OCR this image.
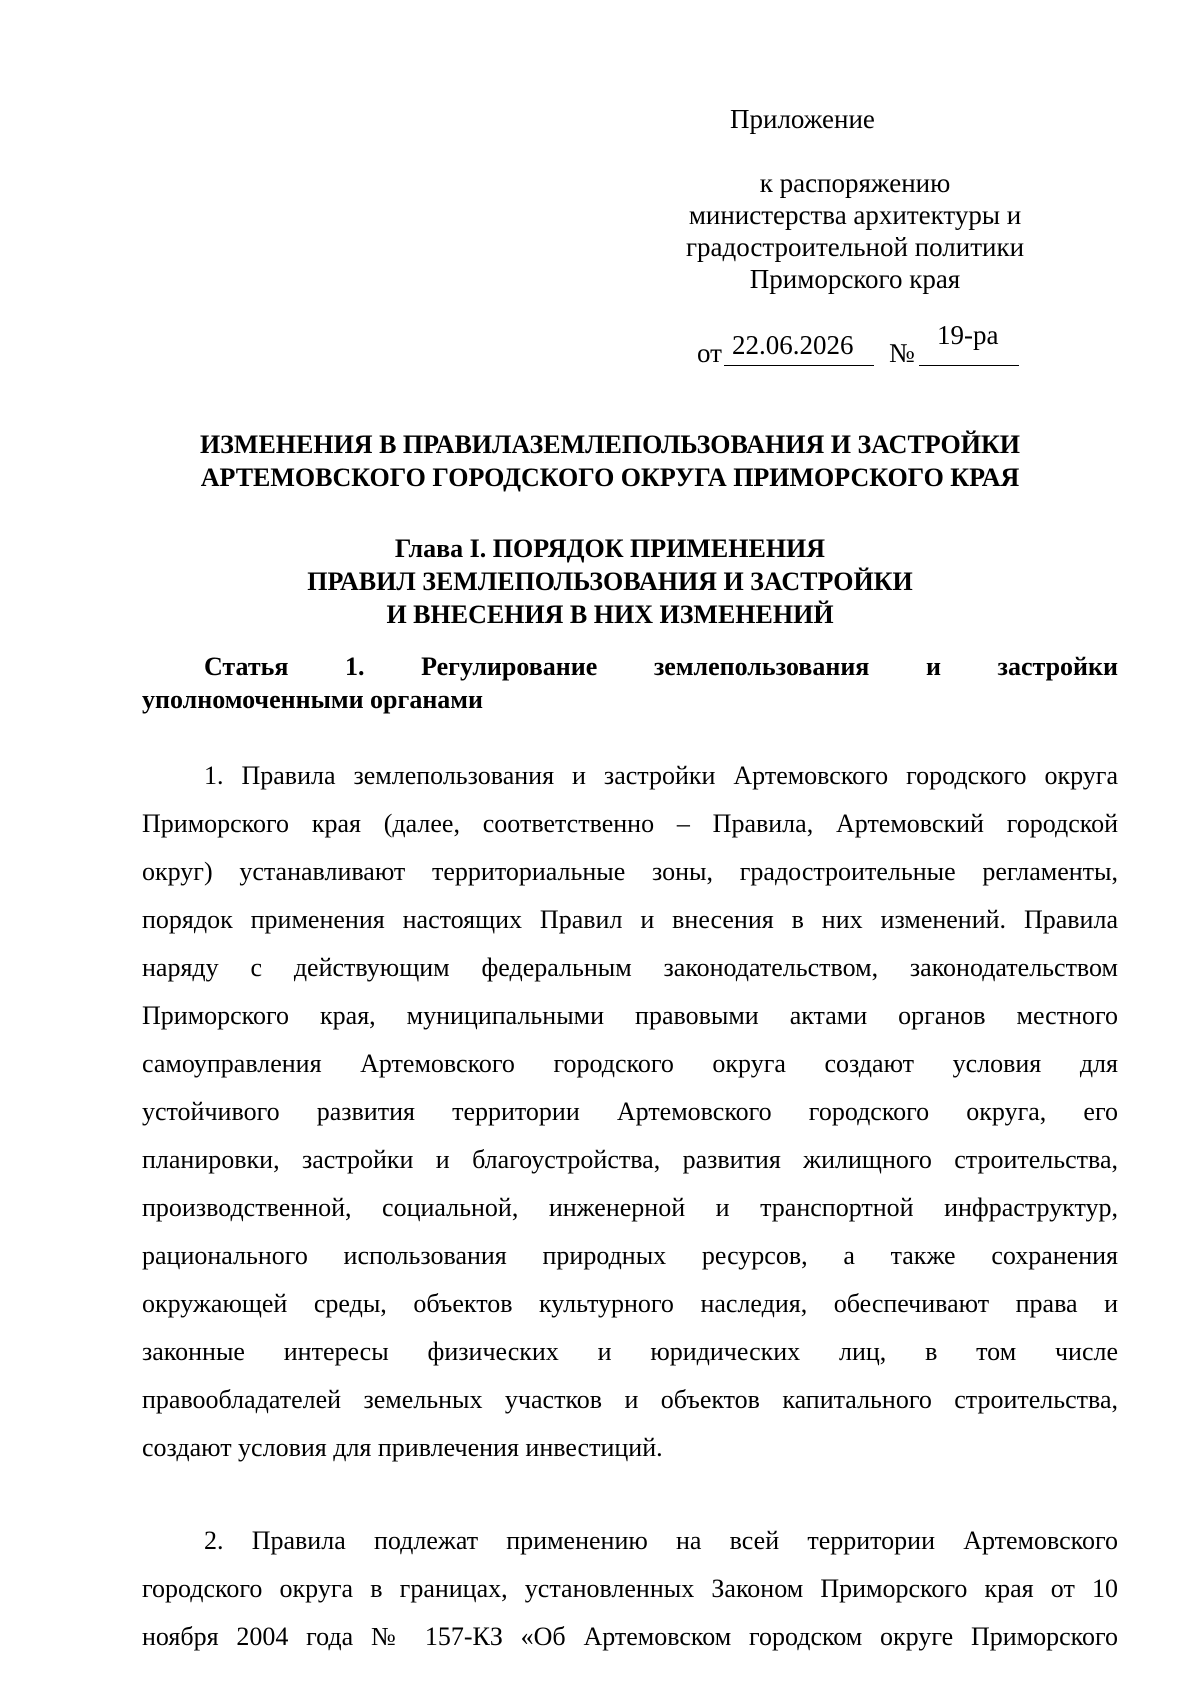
Приложение
к распоряжению
министерства архитектуры и
градостроительной политики
Приморского края
от 22.06.2026 №
19-ра
ИЗМЕНЕНИЯ В ПРАВИЛАЗЕМЛЕПОЛЬЗОВАНИЯ И ЗАСТРОЙКИ
АРТЕМОВСКОГО ГОРОДСКОГО ОКРУГА ПРИМОРСКОГО КРАЯ
Глава I. ПОРЯДОК ПРИМЕНЕНИЯ
ПРАВИЛ ЗЕМЛЕПОЛЬЗОВАНИЯ И ЗАСТРОЙКИ
И ВНЕСЕНИЯ В НИХ ИЗМЕНЕНИЙ
Статья 1. Регулирование землепользования и застройки
уполномоченными органами
1. Правила землепользования и застройки Артемовского городского округа
Приморского края (далее, соответственно – Правила, Артемовский городской
округ) устанавливают территориальные зоны, градостроительные регламенты,
порядок применения настоящих Правил и внесения в них изменений. Правила
наряду с действующим федеральным законодательством, законодательством
Приморского края, муниципальными правовыми актами органов местного
самоуправления Артемовского городского округа создают условия для
устойчивого развития территории Артемовского городского округа, его
планировки, застройки и благоустройства, развития жилищного строительства,
производственной, социальной, инженерной и транспортной инфраструктур,
рационального использования природных ресурсов, а также сохранения
окружающей среды, объектов культурного наследия, обеспечивают права и
законные интересы физических и юридических лиц, в том числе
правообладателей земельных участков и объектов капитального строительства,
создают условия для привлечения инвестиций.
2. Правила подлежат применению на всей территории Артемовского
городского округа в границах, установленных Законом Приморского края от 10
ноября 2004 года № 157-КЗ «Об Артемовском городском округе Приморского
